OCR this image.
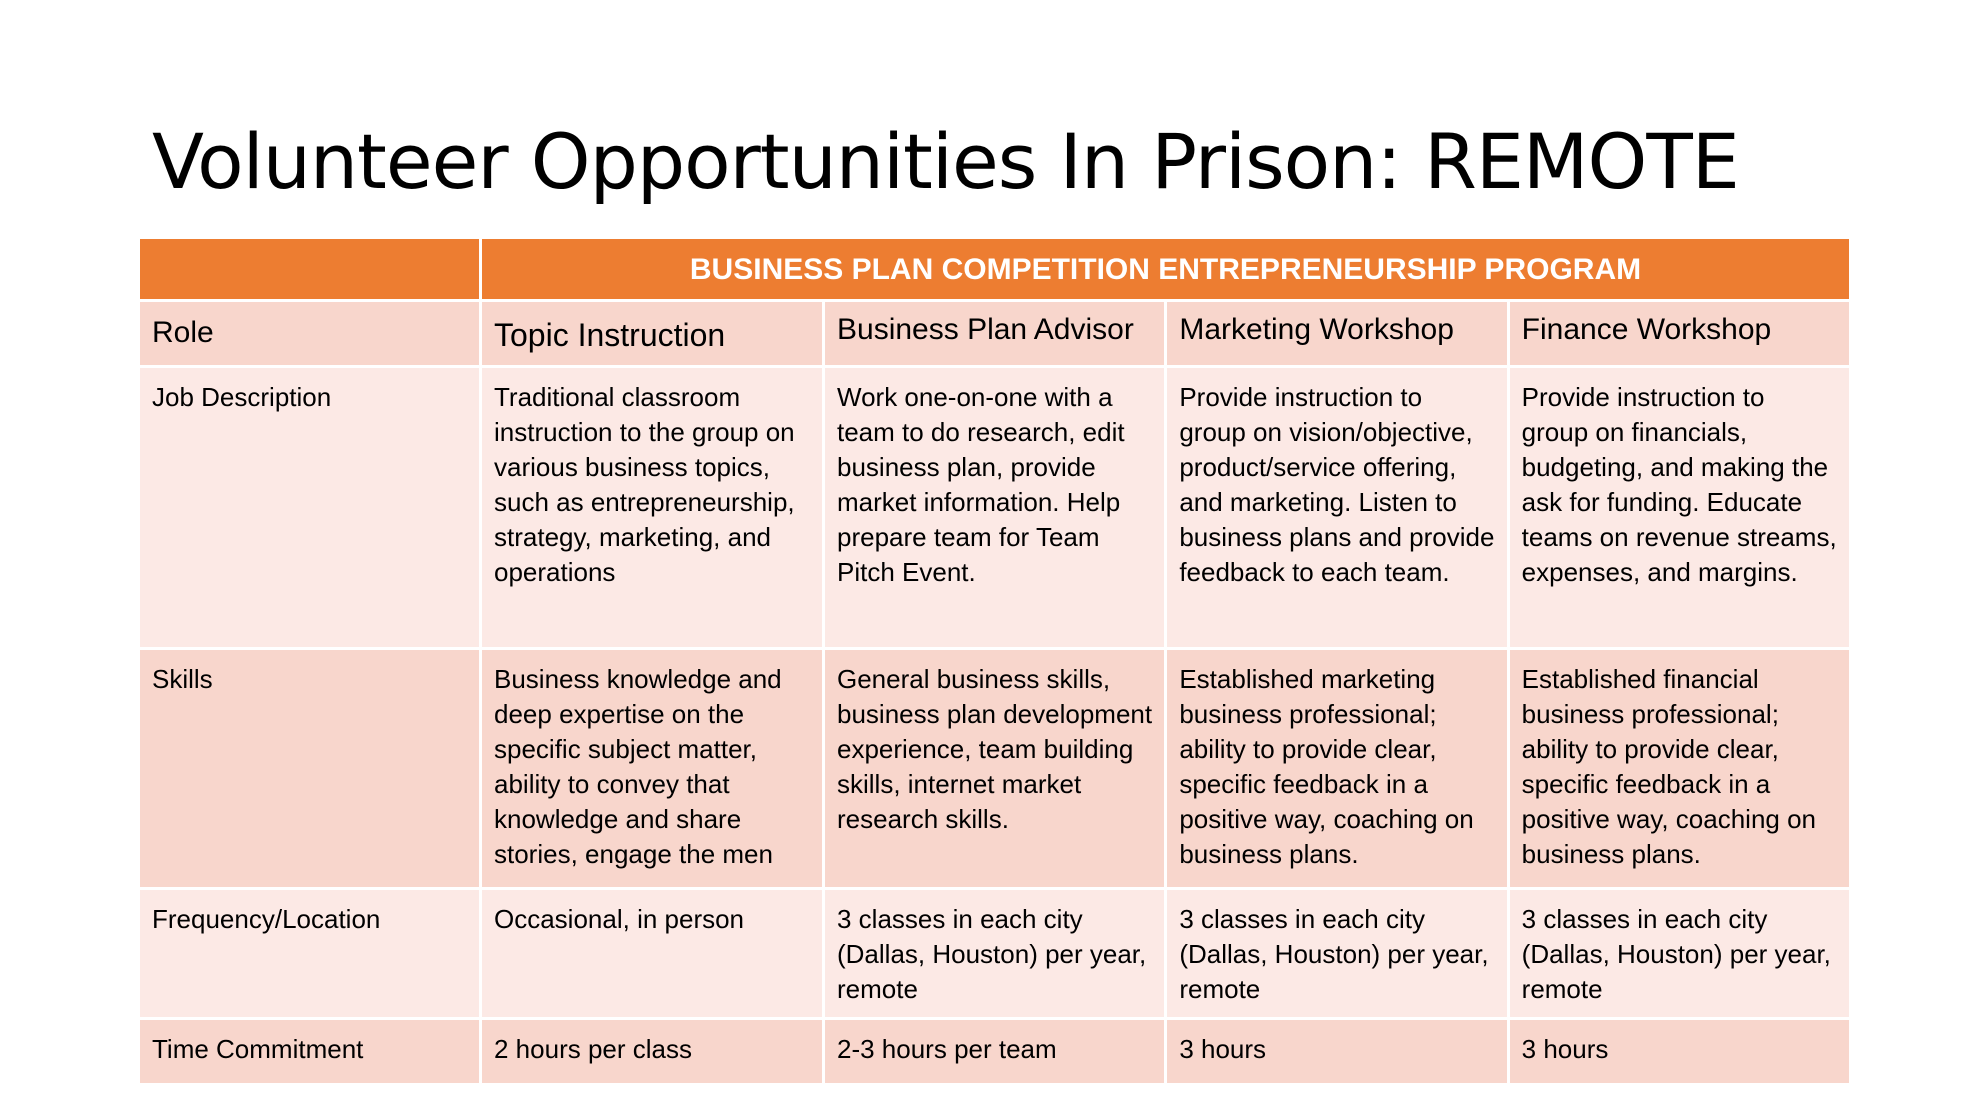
Volunteer Opportunities In Prison: REMOTE
	BUSINESS PLAN COMPETITION ENTREPRENEURSHIP PROGRAM			
Role	Topic Instruction	Business Plan Advisor	Marketing Workshop	Finance Workshop
Job Description	Traditional classroom instruction to the group on various business topics, such as entrepreneurship, strategy, marketing, and operations	Work one-on-one with a team to do research, edit business plan, provide market information. Help prepare team for Team Pitch Event.	Provide instruction to group on vision/objective, product/service offering, and marketing. Listen to business plans and provide feedback to each team.	Provide instruction to group on financials, budgeting, and making the ask for funding. Educate teams on revenue streams, expenses, and margins.
Skills	Business knowledge and deep expertise on the specific subject matter, ability to convey that knowledge and share stories, engage the men	General business skills, business plan development experience, team building skills, internet market research skills.	Established marketing business professional; ability to provide clear, specific feedback in a positive way, coaching on business plans.	Established financial business professional; ability to provide clear, specific feedback in a positive way, coaching on business plans.
Frequency/Location	Occasional, in person	3 classes in each city (Dallas, Houston) per year, remote	3 classes in each city (Dallas, Houston) per year, remote	3 classes in each city (Dallas, Houston) per year, remote
Time Commitment	2 hours per class	2-3 hours per team	3 hours	3 hours
